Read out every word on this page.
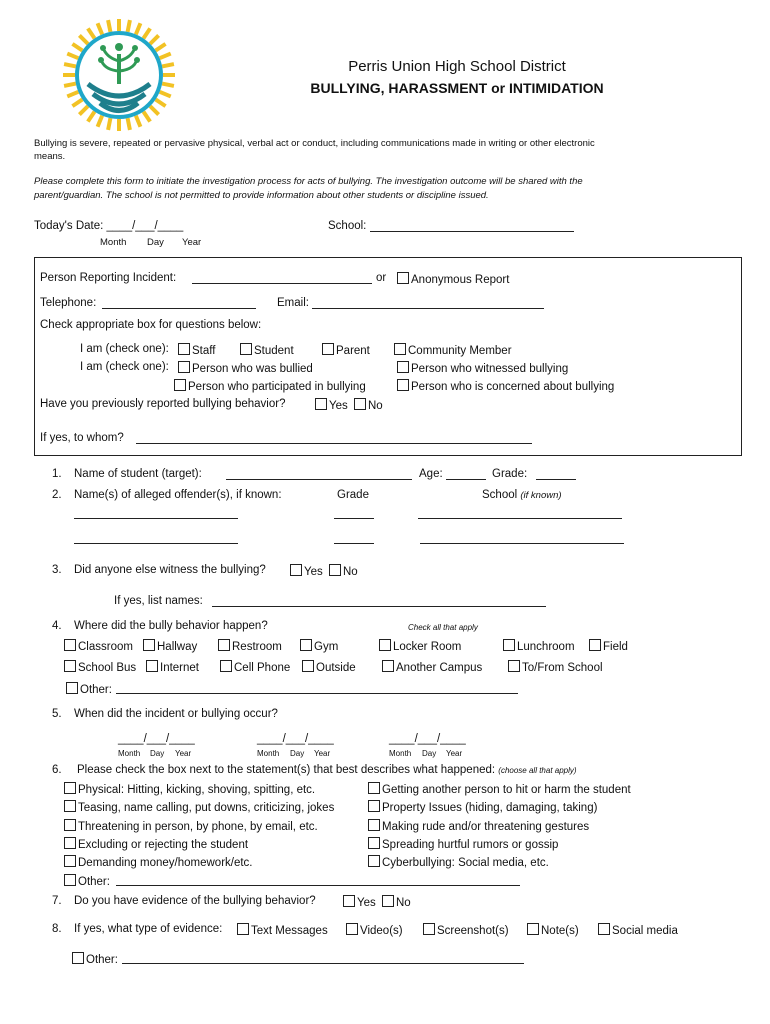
Perris Union High School District
BULLYING, HARASSMENT or INTIMIDATION
Bullying is severe, repeated or pervasive physical, verbal act or conduct, including communications made in writing or other electronic
means.
Please complete this form to initiate the investigation process for acts of bullying. The investigation outcome will be shared with the
parent/guardian. The school is not permitted to provide information about other students or discipline issued.
Today's Date: ____/___/____
Month Day Year
School:
Person Reporting Incident:	or	Anonymous Report
Telephone:	Email:
Check appropriate box for questions below:
I am (check one):	Staff	Student	Parent	Community Member
I am (check one):	Person who was bullied	Person who witnessed bullying
Person who participated in bullying	Person who is concerned about bullying
Have you previously reported bullying behavior?	Yes	No
If yes, to whom?
1. Name of student (target):	Age:	Grade:
2. Name(s) of alleged offender(s), if known:	Grade	School (if known)
3. Did anyone else witness the bullying?	Yes	No
If yes, list names:
4. Where did the bully behavior happen?	Check all that apply
Classroom	Hallway	Restroom	Gym	Locker Room	Lunchroom	Field
School Bus	Internet	Cell Phone	Outside	Another Campus	To/From School
Other:
5. When did the incident or bullying occur?
____/___/____
Month Day Year
____/___/____
Month Day Year
____/___/____
Month Day Year
6. Please check the box next to the statement(s) that best describes what happened: (choose all that apply)
Physical: Hitting, kicking, shoving, spitting, etc.	Getting another person to hit or harm the student
Teasing, name calling, put downs, criticizing, jokes	Property Issues (hiding, damaging, taking)
Threatening in person, by phone, by email, etc.	Making rude and/or threatening gestures
Excluding or rejecting the student	Spreading hurtful rumors or gossip
Demanding money/homework/etc.	Cyberbullying: Social media, etc.
Other:
7. Do you have evidence of the bullying behavior?	Yes	No
8. If yes, what type of evidence:	Text Messages	Video(s)	Screenshot(s)	Note(s)	Social media
Other:
